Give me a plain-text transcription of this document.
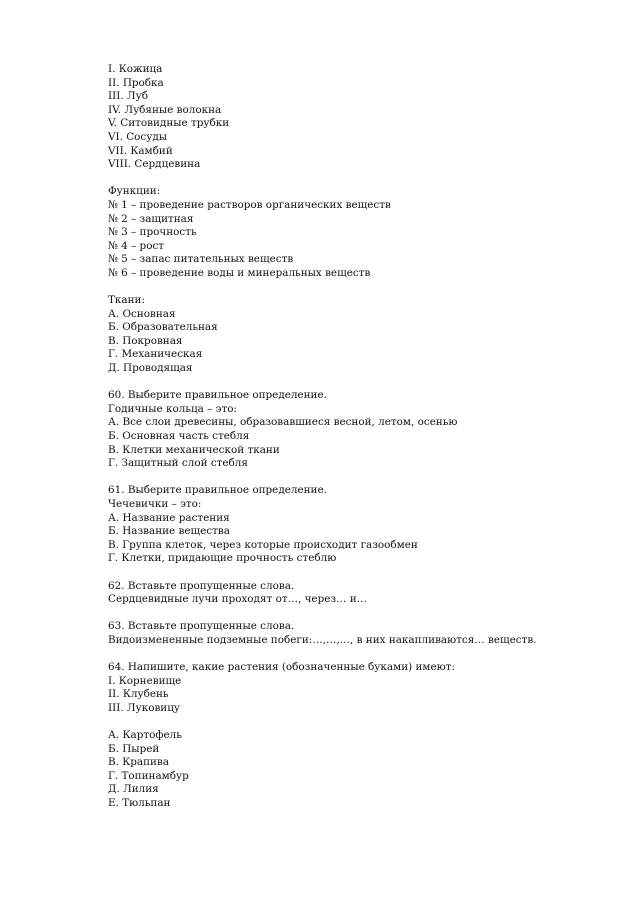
I. Кожица
II. Пробка
III. Луб
IV. Лубяные волокна
V. Ситовидные трубки
VI. Сосуды
VII. Камбий
VIII. Сердцевина
Функции:
№ 1 – проведение растворов органических веществ
№ 2 – защитная
№ 3 – прочность
№ 4 – рост
№ 5 – запас питательных веществ
№ 6 – проведение воды и минеральных веществ
Ткани:
А. Основная
Б. Образовательная
В. Покровная
Г. Механическая
Д. Проводящая
60. Выберите правильное определение.
Годичные кольца – это:
А. Все слои древесины, образовавшиеся весной, летом, осенью
Б. Основная часть стебля
В. Клетки механической ткани
Г. Защитный слой стебля
61. Выберите правильное определение.
Чечевички – это:
А. Название растения
Б. Название вещества
В. Группа клеток, через которые происходит газообмен
Г. Клетки, придающие прочность стеблю
62. Вставьте пропущенные слова.
Сердцевидные лучи проходят от…, через… и…
63. Вставьте пропущенные слова.
Видоизмененные подземные побеги:…,…,…, в них накапливаются… веществ.
64. Напишите, какие растения (обозначенные буками) имеют:
I. Корневище
II. Клубень
III. Луковицу
А. Картофель
Б. Пырей
В. Крапива
Г. Топинамбур
Д. Лилия
Е. Тюльпан
